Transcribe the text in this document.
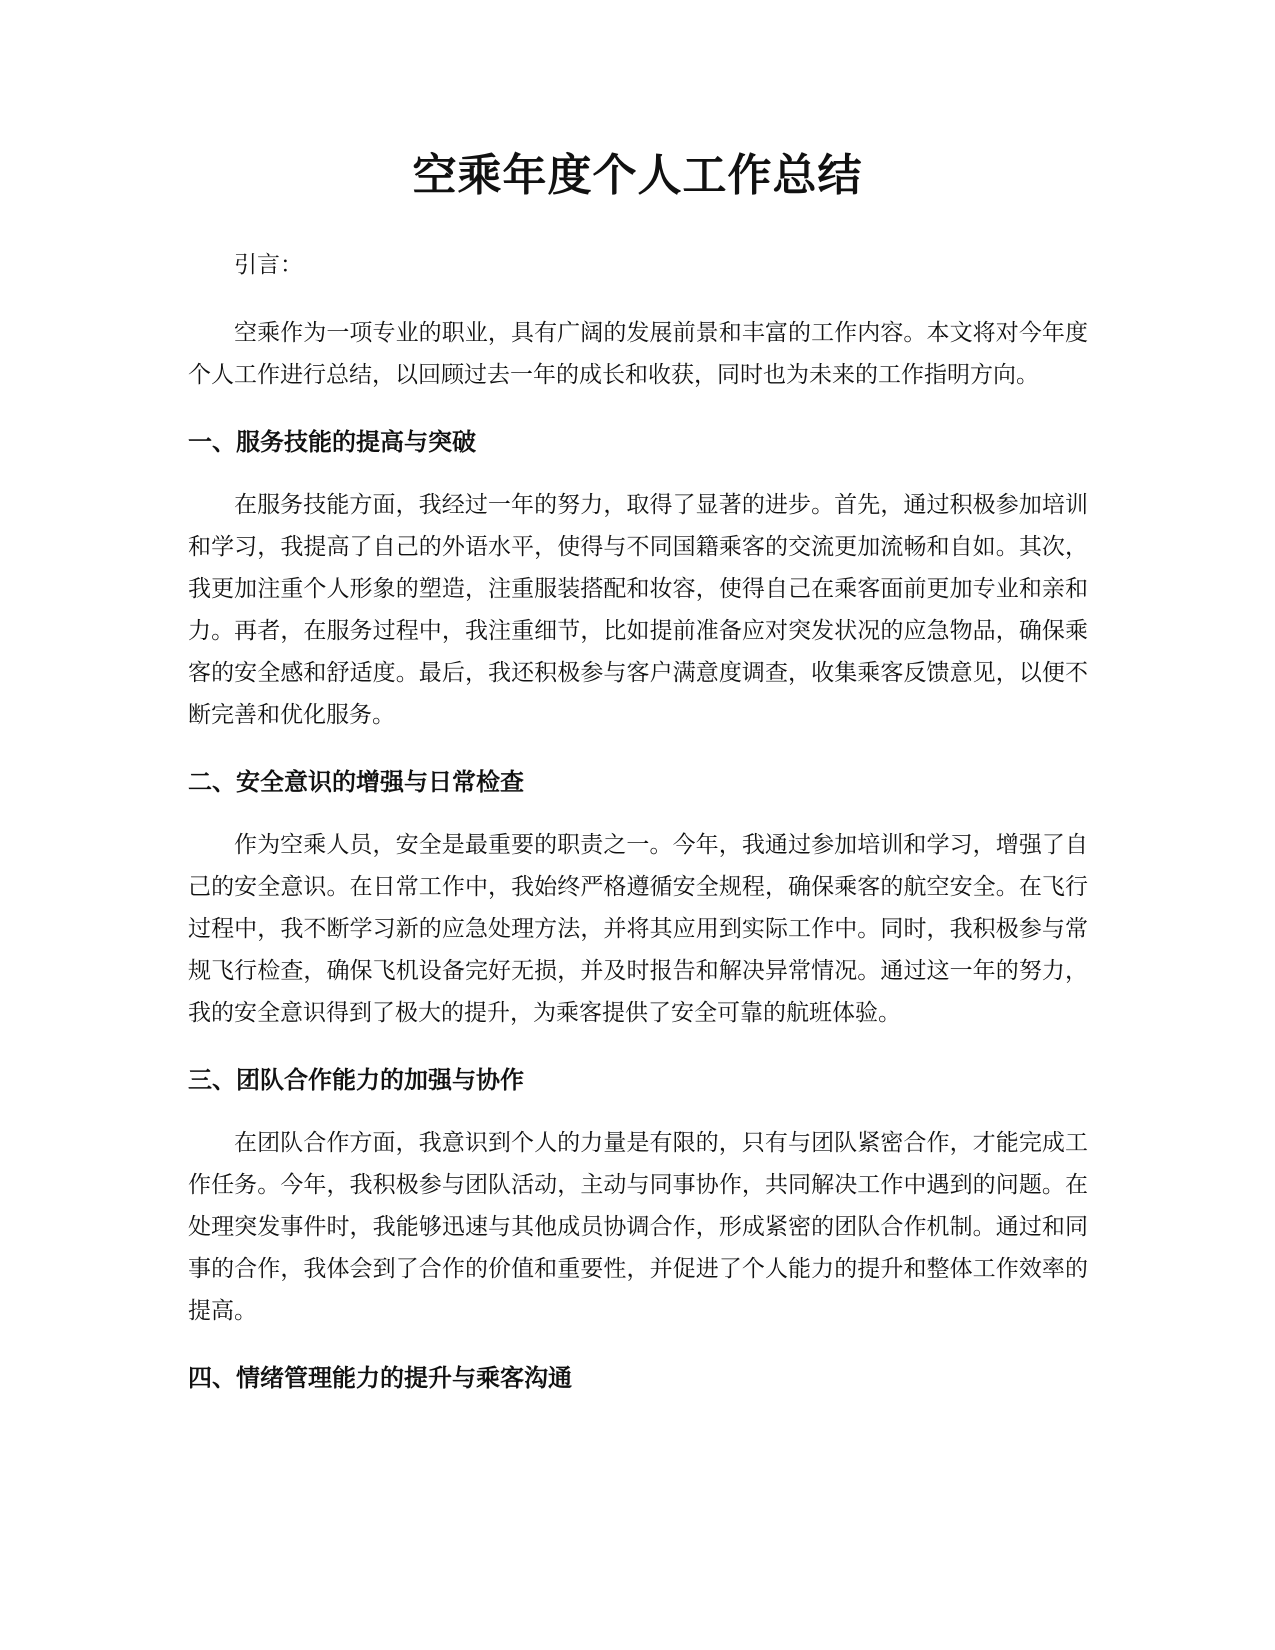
空乘年度个人工作总结

引言：

空乘作为一项专业的职业，具有广阔的发展前景和丰富的工作内容。本文将对今年度个人工作进行总结，以回顾过去一年的成长和收获，同时也为未来的工作指明方向。

一、服务技能的提高与突破

在服务技能方面，我经过一年的努力，取得了显著的进步。首先，通过积极参加培训和学习，我提高了自己的外语水平，使得与不同国籍乘客的交流更加流畅和自如。其次，我更加注重个人形象的塑造，注重服装搭配和妆容，使得自己在乘客面前更加专业和亲和力。再者，在服务过程中，我注重细节，比如提前准备应对突发状况的应急物品，确保乘客的安全感和舒适度。最后，我还积极参与客户满意度调查，收集乘客反馈意见，以便不断完善和优化服务。

二、安全意识的增强与日常检查

作为空乘人员，安全是最重要的职责之一。今年，我通过参加培训和学习，增强了自己的安全意识。在日常工作中，我始终严格遵循安全规程，确保乘客的航空安全。在飞行过程中，我不断学习新的应急处理方法，并将其应用到实际工作中。同时，我积极参与常规飞行检查，确保飞机设备完好无损，并及时报告和解决异常情况。通过这一年的努力，我的安全意识得到了极大的提升，为乘客提供了安全可靠的航班体验。

三、团队合作能力的加强与协作

在团队合作方面，我意识到个人的力量是有限的，只有与团队紧密合作，才能完成工作任务。今年，我积极参与团队活动，主动与同事协作，共同解决工作中遇到的问题。在处理突发事件时，我能够迅速与其他成员协调合作，形成紧密的团队合作机制。通过和同事的合作，我体会到了合作的价值和重要性，并促进了个人能力的提升和整体工作效率的提高。

四、情绪管理能力的提升与乘客沟通
